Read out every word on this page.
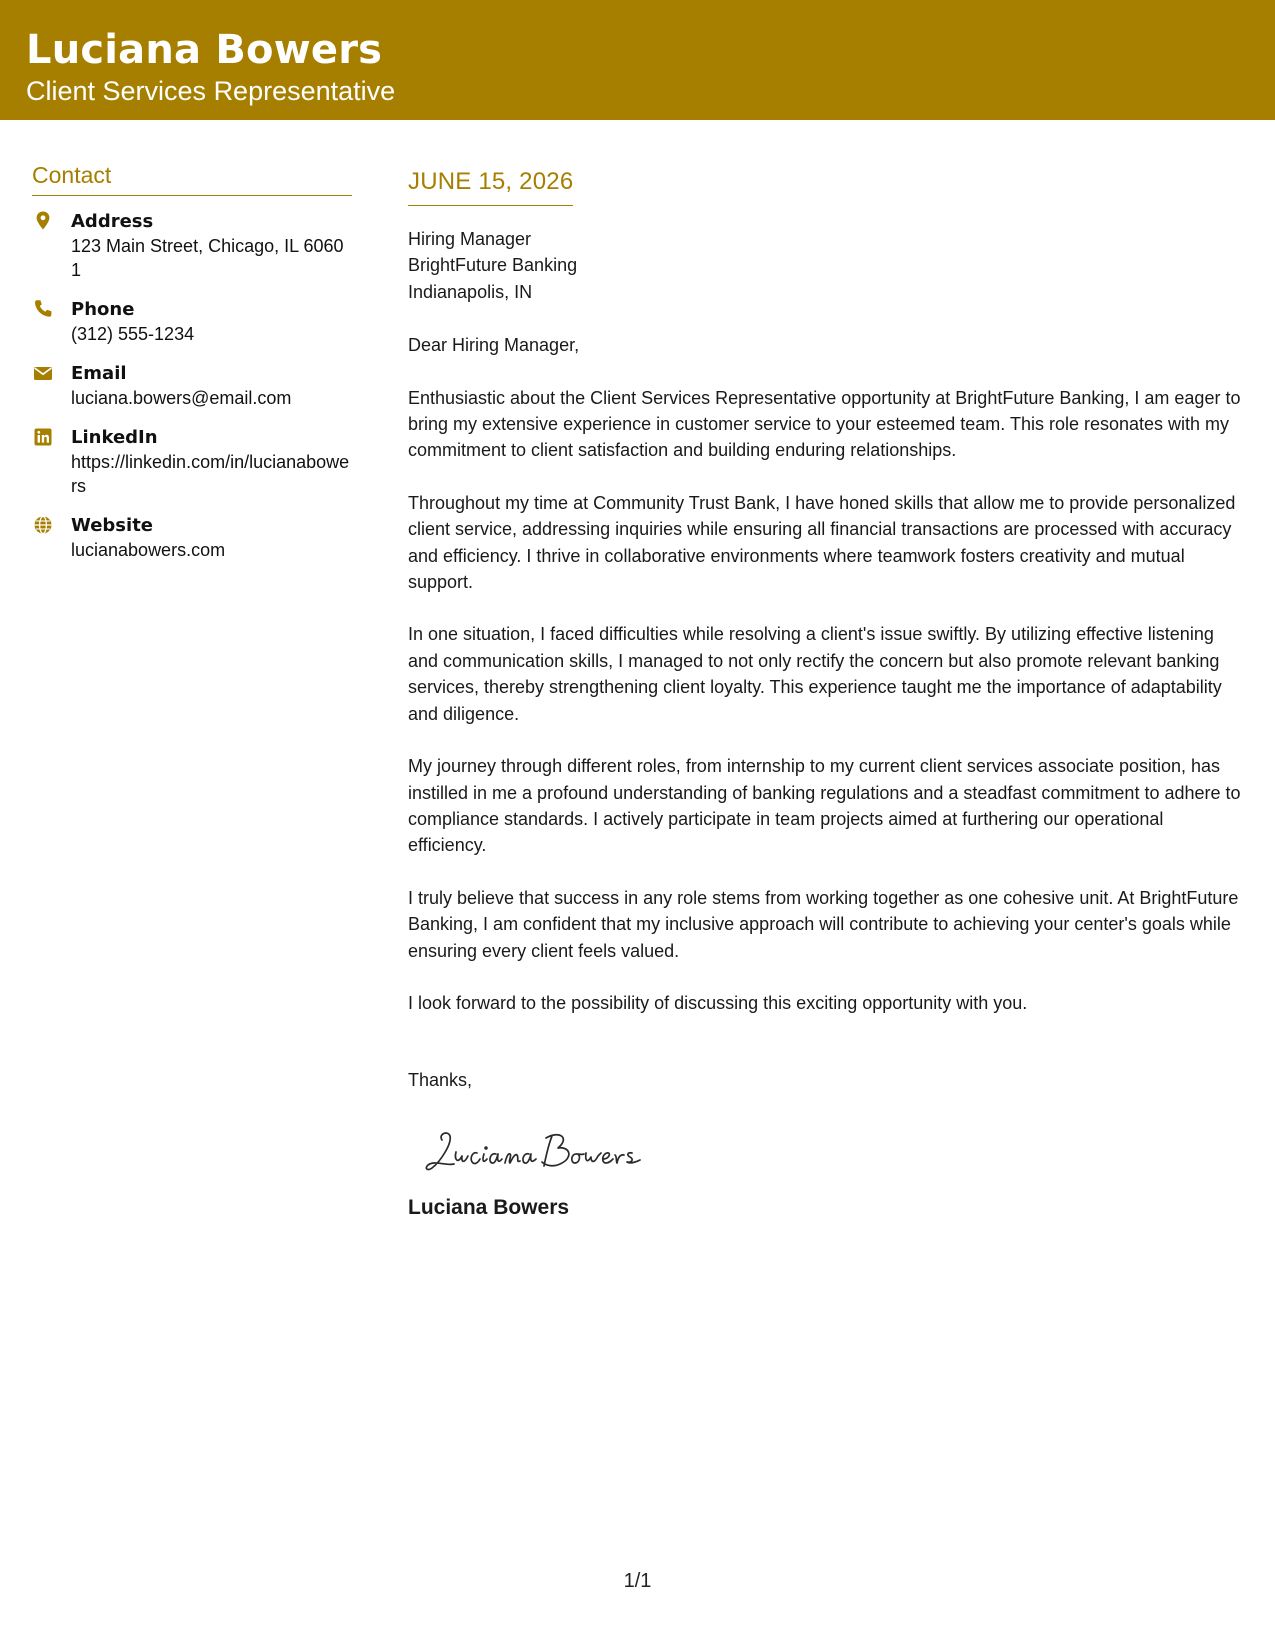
Luciana Bowers
Client Services Representative
Contact
Address
123 Main Street, Chicago, IL 60601
Phone
(312) 555-1234
Email
luciana.bowers@email.com
LinkedIn
https://linkedin.com/in/lucianabowers
Website
lucianabowers.com
JUNE 15, 2026
Hiring Manager
BrightFuture Banking
Indianapolis, IN
Dear Hiring Manager,
Enthusiastic about the Client Services Representative opportunity at BrightFuture Banking, I am eager to bring my extensive experience in customer service to your esteemed team. This role resonates with my commitment to client satisfaction and building enduring relationships.
Throughout my time at Community Trust Bank, I have honed skills that allow me to provide personalized client service, addressing inquiries while ensuring all financial transactions are processed with accuracy and efficiency. I thrive in collaborative environments where teamwork fosters creativity and mutual support.
In one situation, I faced difficulties while resolving a client's issue swiftly. By utilizing effective listening and communication skills, I managed to not only rectify the concern but also promote relevant banking services, thereby strengthening client loyalty. This experience taught me the importance of adaptability and diligence.
My journey through different roles, from internship to my current client services associate position, has instilled in me a profound understanding of banking regulations and a steadfast commitment to adhere to compliance standards. I actively participate in team projects aimed at furthering our operational efficiency.
I truly believe that success in any role stems from working together as one cohesive unit. At BrightFuture Banking, I am confident that my inclusive approach will contribute to achieving your center's goals while ensuring every client feels valued.
I look forward to the possibility of discussing this exciting opportunity with you.
Thanks,
Luciana Bowers
1/1
